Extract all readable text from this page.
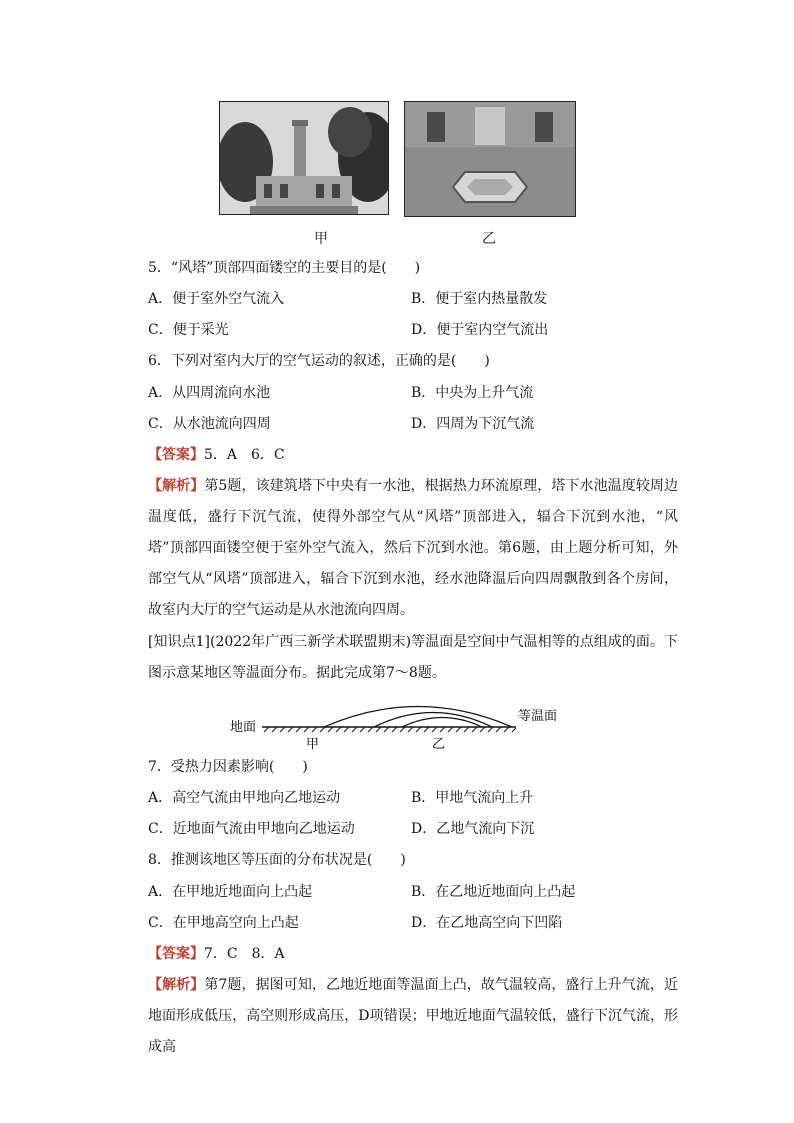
甲	乙
5．“风塔”顶部四面镂空的主要目的是(　　)
A．便于室外空气流入	B．便于室内热量散发
C．便于采光	D．便于室内空气流出
6．下列对室内大厅的空气运动的叙述，正确的是(　　)
A．从四周流向水池	B．中央为上升气流
C．从水池流向四周	D．四周为下沉气流
【答案】5．A　6．C
【解析】第5题，该建筑塔下中央有一水池，根据热力环流原理，塔下水池温度较周边温度低，盛行下沉气流，使得外部空气从“风塔”顶部进入，辐合下沉到水池，“风塔”顶部四面镂空便于室外空气流入，然后下沉到水池。第6题，由上题分析可知，外部空气从“风塔”顶部进入，辐合下沉到水池，经水池降温后向四周飘散到各个房间，故室内大厅的空气运动是从水池流向四周。
[知识点1](2022年广西三新学术联盟期末)等温面是空间中气温相等的点组成的面。下图示意某地区等温面分布。据此完成第7～8题。
地面
等温面
甲	乙
7．受热力因素影响(　　)
A．高空气流由甲地向乙地运动	B．甲地气流向上升
C．近地面气流由甲地向乙地运动	D．乙地气流向下沉
8．推测该地区等压面的分布状况是(　　)
A．在甲地近地面向上凸起	B．在乙地近地面向上凸起
C．在甲地高空向上凸起	D．在乙地高空向下凹陷
【答案】7．C　8．A
【解析】第7题，据图可知，乙地近地面等温面上凸，故气温较高，盛行上升气流，近地面形成低压，高空则形成高压，D项错误；甲地近地面气温较低，盛行下沉气流，形成高
